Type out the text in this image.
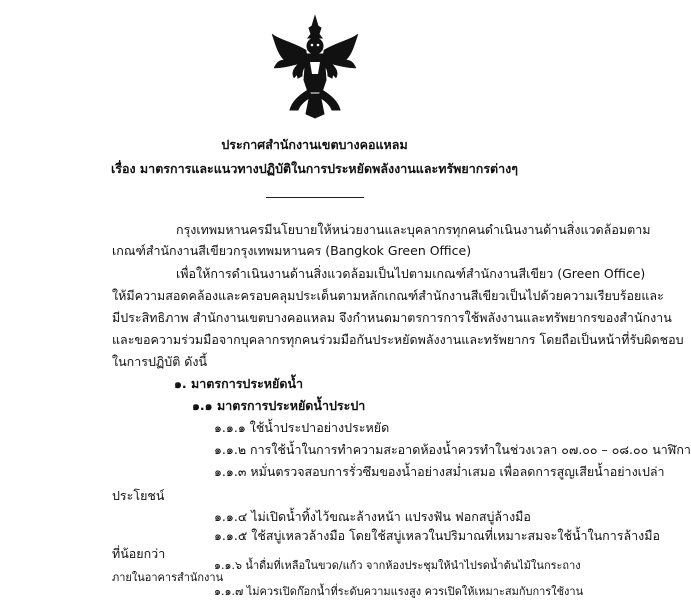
ประกาศสำนักงานเขตบางคอแหลม
เรื่อง มาตรการและแนวทางปฏิบัติในการประหยัดพลังงานและทรัพยากรต่างๆ
กรุงเทพมหานครมีนโยบายให้หน่วยงานและบุคลากรทุกคนดำเนินงานด้านสิ่งแวดล้อมตาม
เกณฑ์สำนักงานสีเขียวกรุงเทพมหานคร (Bangkok Green Office)
เพื่อให้การดำเนินงานด้านสิ่งแวดล้อมเป็นไปตามเกณฑ์สำนักงานสีเขียว (Green Office)
ให้มีความสอดคล้องและครอบคลุมประเด็นตามหลักเกณฑ์สำนักงานสีเขียวเป็นไปด้วยความเรียบร้อยและ
มีประสิทธิภาพ สำนักงานเขตบางคอแหลม จึงกำหนดมาตรการการใช้พลังงานและทรัพยากรของสำนักงาน
และขอความร่วมมือจากบุคลากรทุกคนร่วมมือกันประหยัดพลังงานและทรัพยากร โดยถือเป็นหน้าที่รับผิดชอบ
ในการปฏิบัติ ดังนี้
๑. มาตรการประหยัดน้ำ
๑.๑ มาตรการประหยัดน้ำประปา
๑.๑.๑ ใช้น้ำประปาอย่างประหยัด
๑.๑.๒ การใช้น้ำในการทำความสะอาดห้องน้ำควรทำในช่วงเวลา ๐๗.๐๐ – ๐๘.๐๐ นาฬิกา
๑.๑.๓ หมั่นตรวจสอบการรั่วซึมของน้ำอย่างสม่ำเสมอ เพื่อลดการสูญเสียน้ำอย่างเปล่า
ประโยชน์
๑.๑.๔ ไม่เปิดน้ำทิ้งไว้ขณะล้างหน้า แปรงฟัน ฟอกสบู่ล้างมือ
๑.๑.๕ ใช้สบู่เหลวล้างมือ โดยใช้สบู่เหลวในปริมาณที่เหมาะสมจะใช้น้ำในการล้างมือ
ที่น้อยกว่า
๑.๑.๖ น้ำดื่มที่เหลือในขวด/แก้ว จากห้องประชุมให้นำไปรดน้ำต้นไม้ในกระถาง
ภายในอาคารสำนักงาน
๑.๑.๗ ไม่ควรเปิดก๊อกน้ำที่ระดับความแรงสูง ควรเปิดให้เหมาะสมกับการใช้งาน
